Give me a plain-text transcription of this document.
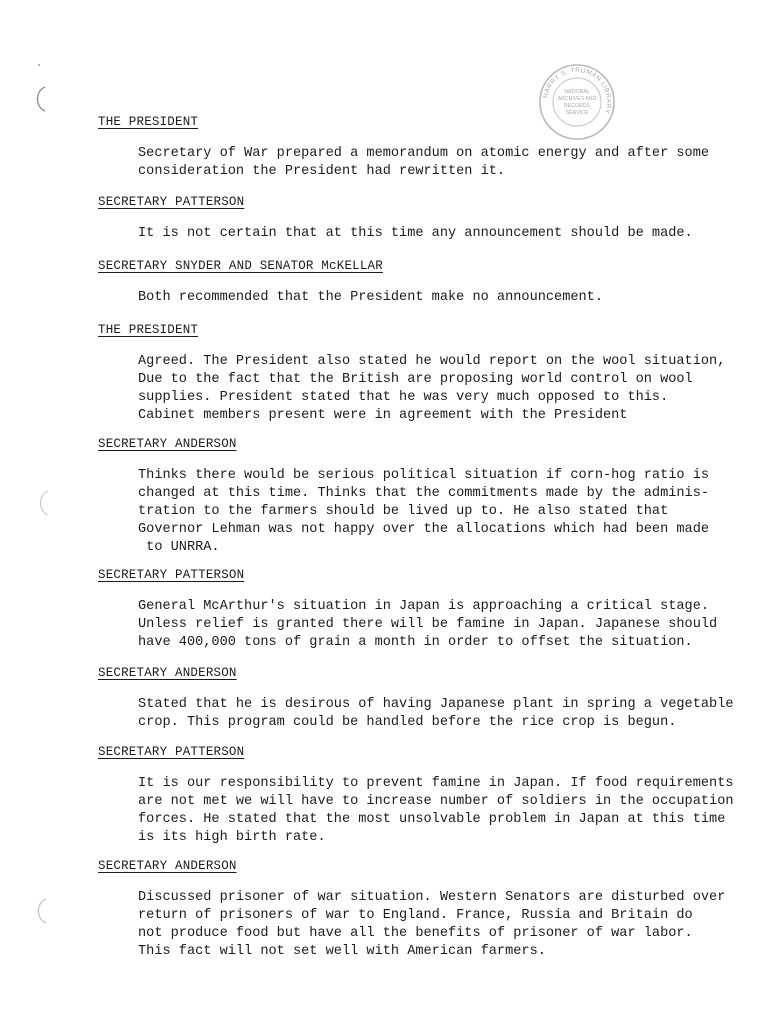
HARRY S. TRUMAN LIBRARY
NATIONAL
ARCHIVES AND
RECORDS
SERVICE
THE PRESIDENT
Secretary of War prepared a memorandum on atomic energy and after some
consideration the President had rewritten it.
SECRETARY PATTERSON
It is not certain that at this time any announcement should be made.
SECRETARY SNYDER AND SENATOR McKELLAR
Both recommended that the President make no announcement.
THE PRESIDENT
Agreed. The President also stated he would report on the wool situation,
Due to the fact that the British are proposing world control on wool
supplies. President stated that he was very much opposed to this.
Cabinet members present were in agreement with the President
SECRETARY ANDERSON
Thinks there would be serious political situation if corn-hog ratio is
changed at this time. Thinks that the commitments made by the adminis-
tration to the farmers should be lived up to. He also stated that
Governor Lehman was not happy over the allocations which had been made
to UNRRA.
SECRETARY PATTERSON
General McArthur's situation in Japan is approaching a critical stage.
Unless relief is granted there will be famine in Japan. Japanese should
have 400,000 tons of grain a month in order to offset the situation.
SECRETARY ANDERSON
Stated that he is desirous of having Japanese plant in spring a vegetable
crop. This program could be handled before the rice crop is begun.
SECRETARY PATTERSON
It is our responsibility to prevent famine in Japan. If food requirements
are not met we will have to increase number of soldiers in the occupation
forces. He stated that the most unsolvable problem in Japan at this time
is its high birth rate.
SECRETARY ANDERSON
Discussed prisoner of war situation. Western Senators are disturbed over
return of prisoners of war to England. France, Russia and Britain do
not produce food but have all the benefits of prisoner of war labor.
This fact will not set well with American farmers.
